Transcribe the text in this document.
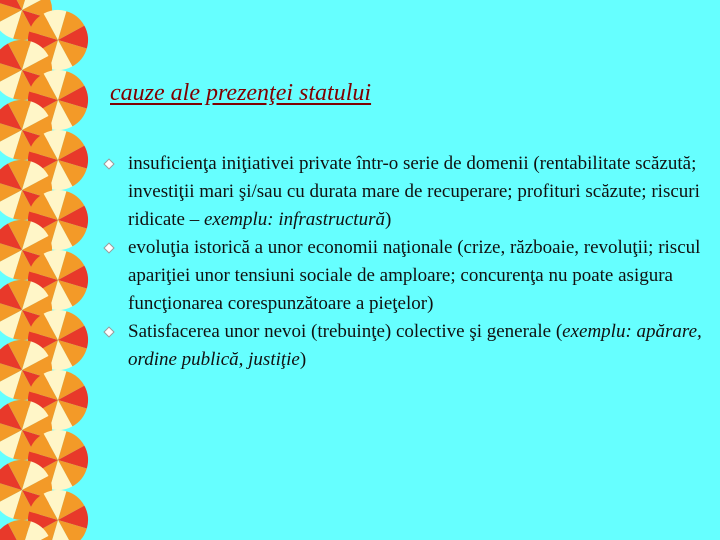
cauze ale prezenţei statului
insuficienţa iniţiativei private într-o serie de domenii (rentabilitate scăzută; investiţii mari şi/sau cu durata mare de recuperare; profituri scăzute; riscuri ridicate – exemplu: infrastructură)
evoluţia istorică a unor economii naţionale (crize, războaie, revoluţii; riscul apariţiei unor tensiuni sociale de amploare; concurenţa nu poate asigura funcţionarea corespunzătoare a pieţelor)
Satisfacerea unor nevoi (trebuinţe) colective şi generale (exemplu: apărare, ordine publică, justiţie)
